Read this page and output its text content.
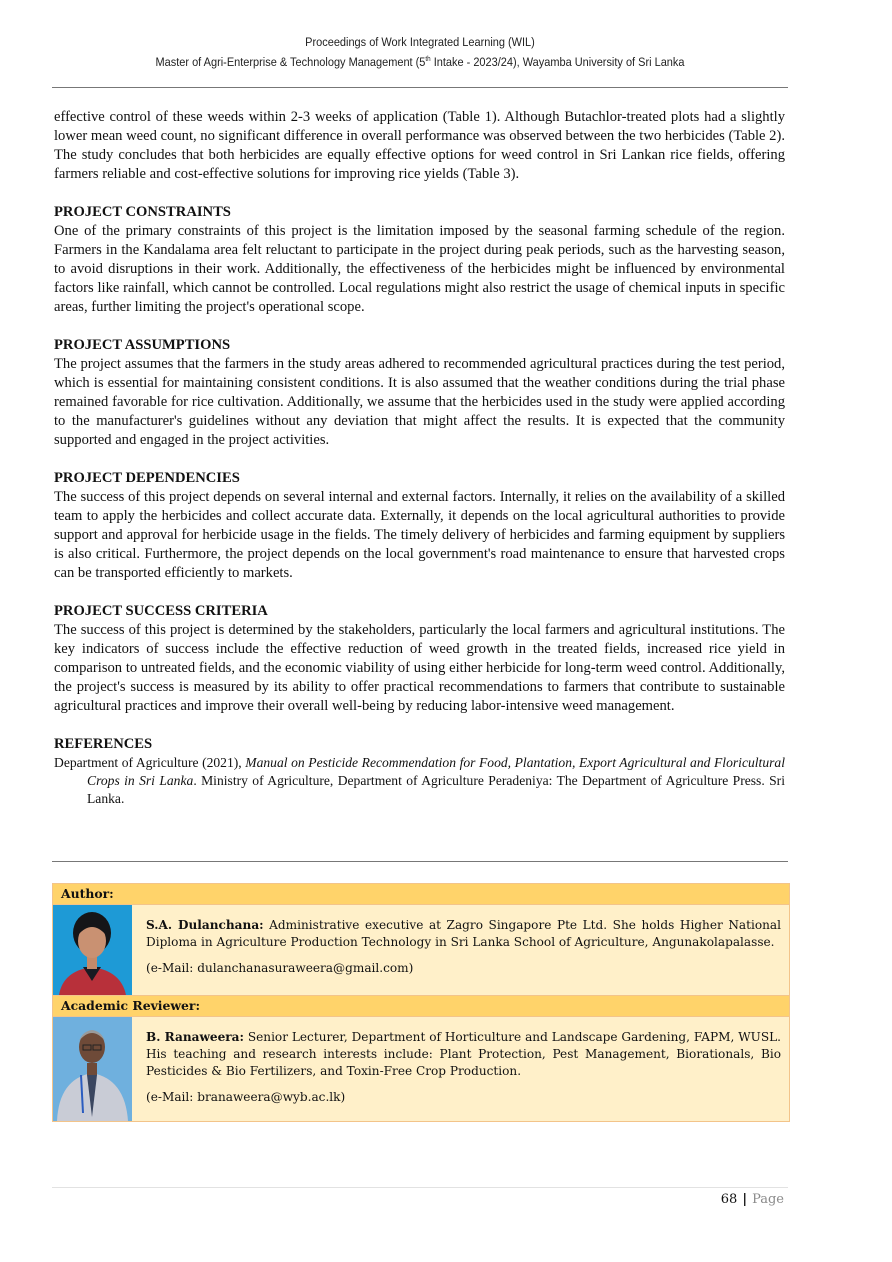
Proceedings of Work Integrated Learning (WIL)
Master of Agri-Enterprise & Technology Management (5th Intake - 2023/24), Wayamba University of Sri Lanka

effective control of these weeds within 2-3 weeks of application (Table 1). Although Butachlor-treated plots had a slightly lower mean weed count, no significant difference in overall performance was observed between the two herbicides (Table 2). The study concludes that both herbicides are equally effective options for weed control in Sri Lankan rice fields, offering farmers reliable and cost-effective solutions for improving rice yields (Table 3).

PROJECT CONSTRAINTS

One of the primary constraints of this project is the limitation imposed by the seasonal farming schedule of the region. Farmers in the Kandalama area felt reluctant to participate in the project during peak periods, such as the harvesting season, to avoid disruptions in their work. Additionally, the effectiveness of the herbicides might be influenced by environmental factors like rainfall, which cannot be controlled. Local regulations might also restrict the usage of chemical inputs in specific areas, further limiting the project's operational scope.

PROJECT ASSUMPTIONS

The project assumes that the farmers in the study areas adhered to recommended agricultural practices during the test period, which is essential for maintaining consistent conditions. It is also assumed that the weather conditions during the trial phase remained favorable for rice cultivation. Additionally, we assume that the herbicides used in the study were applied according to the manufacturer's guidelines without any deviation that might affect the results. It is expected that the community supported and engaged in the project activities.

PROJECT DEPENDENCIES

The success of this project depends on several internal and external factors. Internally, it relies on the availability of a skilled team to apply the herbicides and collect accurate data. Externally, it depends on the local agricultural authorities to provide support and approval for herbicide usage in the fields. The timely delivery of herbicides and farming equipment by suppliers is also critical. Furthermore, the project depends on the local government's road maintenance to ensure that harvested crops can be transported efficiently to markets.

PROJECT SUCCESS CRITERIA

The success of this project is determined by the stakeholders, particularly the local farmers and agricultural institutions. The key indicators of success include the effective reduction of weed growth in the treated fields, increased rice yield in comparison to untreated fields, and the economic viability of using either herbicide for long-term weed control. Additionally, the project's success is measured by its ability to offer practical recommendations to farmers that contribute to sustainable agricultural practices and improve their overall well-being by reducing labor-intensive weed management.

REFERENCES

Department of Agriculture (2021), Manual on Pesticide Recommendation for Food, Plantation, Export Agricultural and Floricultural Crops in Sri Lanka. Ministry of Agriculture, Department of Agriculture Peradeniya: The Department of Agriculture Press. Sri Lanka.

Author:

S.A. Dulanchana: Administrative executive at Zagro Singapore Pte Ltd. She holds Higher National Diploma in Agriculture Production Technology in Sri Lanka School of Agriculture, Angunakolapalasse.

(e-Mail: dulanchanasuraweera@gmail.com)

Academic Reviewer:

B. Ranaweera: Senior Lecturer, Department of Horticulture and Landscape Gardening, FAPM, WUSL. His teaching and research interests include: Plant Protection, Pest Management, Biorationals, Bio Pesticides & Bio Fertilizers, and Toxin-Free Crop Production.

(e-Mail: branaweera@wyb.ac.lk)

68 | Page
